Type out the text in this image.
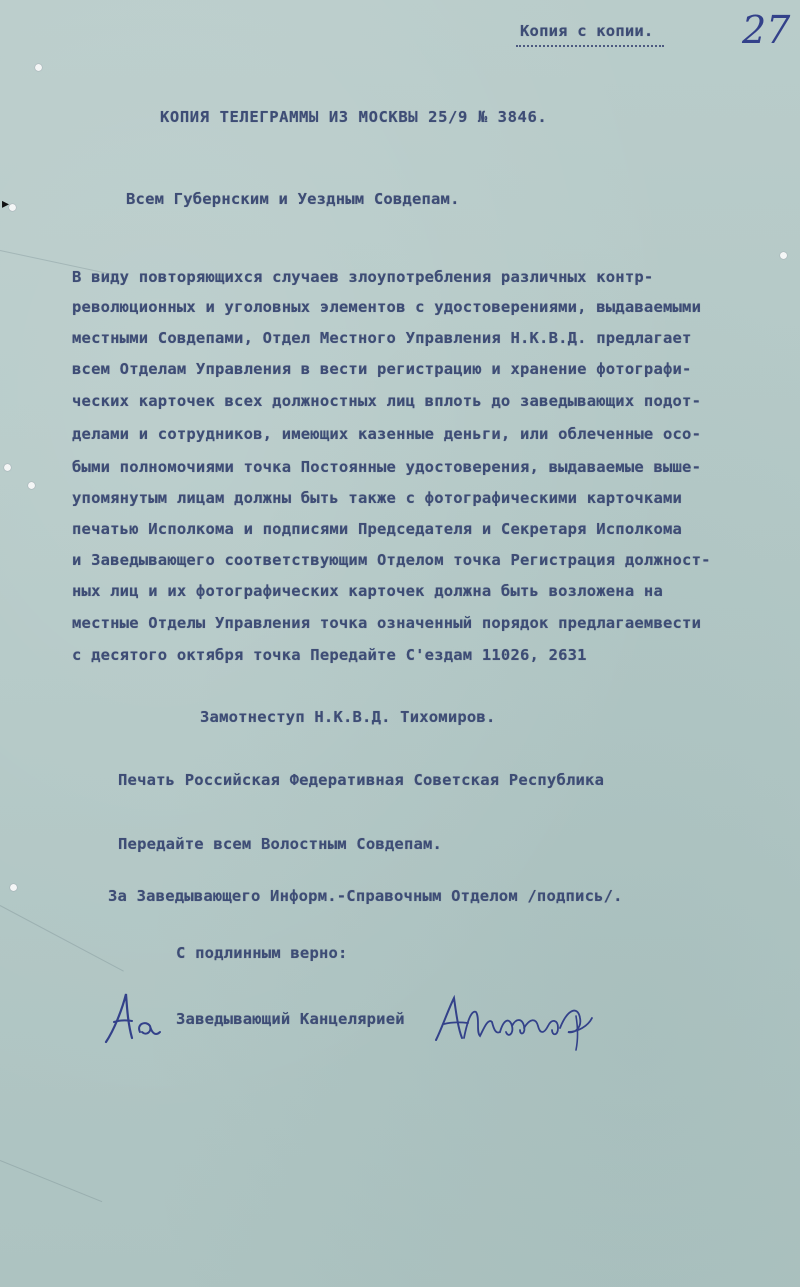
▸
Копия с копии. 27
КОПИЯ ТЕЛЕГРАММЫ ИЗ МОСКВЫ 25/9 № 3846.
Всем Губернским и Уездным Совдепам.
В виду повторяющихся случаев злоупотребления различных контр-
революционных и уголовных элементов с удостоверениями, выдаваемыми
местными Совдепами, Отдел Местного Управления Н.К.В.Д. предлагает
всем Отделам Управления в вести регистрацию и хранение фотографи-
ческих карточек всех должностных лиц вплоть до заведывающих подот-
делами и сотрудников, имеющих казенные деньги, или облеченные осо-
быми полномочиями точка Постоянные удостоверения, выдаваемые выше-
упомянутым лицам должны быть также с фотографическими карточками
печатью Исполкома и подписями Председателя и Секретаря Исполкома
и Заведывающего соответствующим Отделом точка Регистрация должност-
ных лиц и их фотографических карточек должна быть возложена на
местные Отделы Управления точка означенный порядок предлагаемвести
с десятого октября точка Передайте С'ездам 11026, 2631
Замотнеступ Н.К.В.Д. Тихомиров.
Печать Российская Федеративная Советская Республика
Передайте всем Волостным Совдепам.
За Заведывающего Информ.-Справочным Отделом /подпись/.
С подлинным верно:
Заведывающий Канцелярией
